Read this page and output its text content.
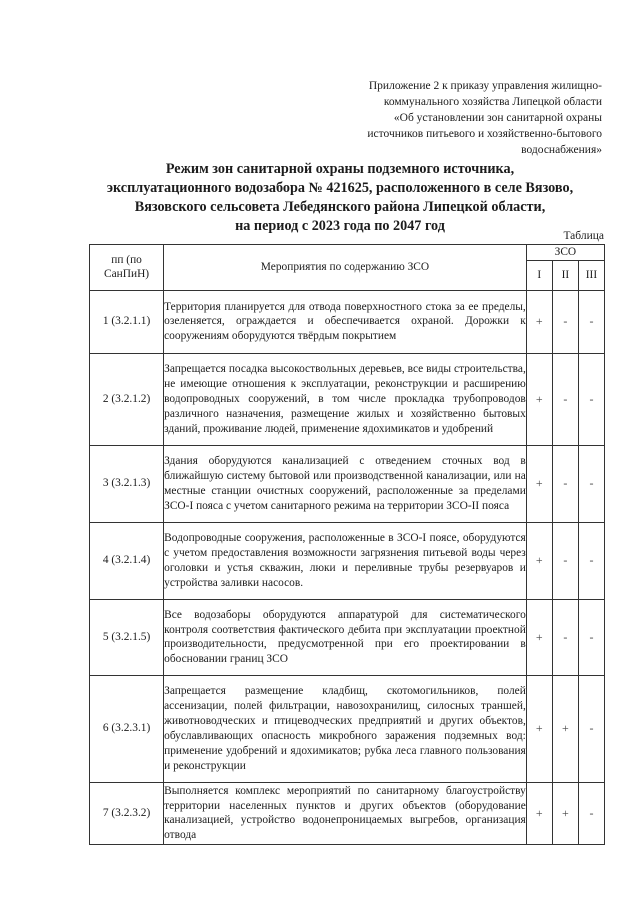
Приложение 2 к приказу управления жилищно-
коммунального хозяйства Липецкой области
«Об установлении зон санитарной охраны
источников питьевого и хозяйственно-бытового
водоснабжения»
Режим зон санитарной охраны подземного источника,
эксплуатационного водозабора № 421625, расположенного в селе Вязово,
Вязовского сельсовета Лебедянского района Липецкой области,
на период с 2023 года по 2047 год
Таблица
пп (по СанПиН)	Мероприятия по содержанию ЗСО	ЗСО		
		I	II	III
1 (3.2.1.1)	Территория планируется для отвода поверхностного стока за ее пределы, озеленяется, ограждается и обеспечивается охраной. Дорожки к сооружениям оборудуются твёрдым покрытием	+	-	-
2 (3.2.1.2)	Запрещается посадка высокоствольных деревьев, все виды строительства, не имеющие отношения к эксплуатации, реконструкции и расширению водопроводных сооружений, в том числе прокладка трубопроводов различного назначения, размещение жилых и хозяйственно бытовых зданий, проживание людей, применение ядохимикатов и удобрений	+	-	-
3 (3.2.1.3)	Здания оборудуются канализацией с отведением сточных вод в ближайшую систему бытовой или производственной канализации, или на местные станции очистных сооружений, расположенные за пределами ЗСО-I пояса с учетом санитарного режима на территории ЗСО-II пояса	+	-	-
4 (3.2.1.4)	Водопроводные сооружения, расположенные в ЗСО-I поясе, оборудуются с учетом предоставления возможности загрязнения питьевой воды через оголовки и устья скважин, люки и переливные трубы резервуаров и устройства заливки насосов.	+	-	-
5 (3.2.1.5)	Все водозаборы оборудуются аппаратурой для систематического контроля соответствия фактического дебита при эксплуатации проектной производительности, предусмотренной при его проектировании в обосновании границ ЗСО	+	-	-
6 (3.2.3.1)	Запрещается размещение кладбищ, скотомогильников, полей ассенизации, полей фильтрации, навозохранилищ, силосных траншей, животноводческих и птицеводческих предприятий и других объектов, обуславливающих опасность микробного заражения подземных вод: применение удобрений и ядохимикатов; рубка леса главного пользования и реконструкции	+	+	-
7 (3.2.3.2)	Выполняется комплекс мероприятий по санитарному благоустройству территории населенных пунктов и других объектов (оборудование канализацией, устройство водонепроницаемых выгребов, организация отвода	+	+	-
